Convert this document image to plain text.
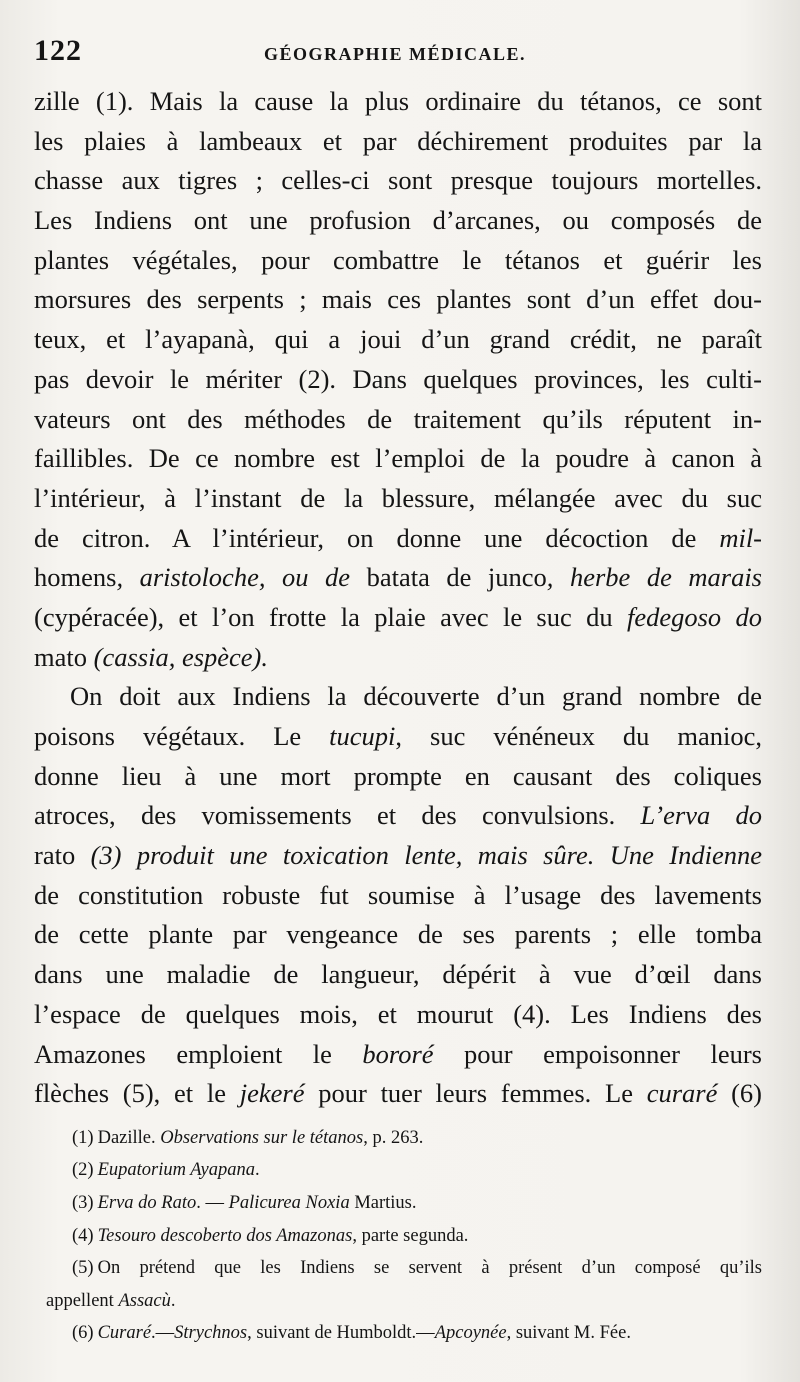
122	GÉOGRAPHIE MÉDICALE.
zille (1). Mais la cause la plus ordinaire du tétanos, ce sont
les plaies à lambeaux et par déchirement produites par la
chasse aux tigres ; celles-ci sont presque toujours mortelles.
Les Indiens ont une profusion d’arcanes, ou composés de
plantes végétales, pour combattre le tétanos et guérir les
morsures des serpents ; mais ces plantes sont d’un effet dou-
teux, et l’ayapanà, qui a joui d’un grand crédit, ne paraît
pas devoir le mériter (2). Dans quelques provinces, les culti-
vateurs ont des méthodes de traitement qu’ils réputent in-
faillibles. De ce nombre est l’emploi de la poudre à canon à
l’intérieur, à l’instant de la blessure, mélangée avec du suc
de citron. A l’intérieur, on donne une décoction de mil-
homens, aristoloche, ou de batata de junco, herbe de marais
(cypéracée), et l’on frotte la plaie avec le suc du fedegoso do
mato (cassia, espèce).
On doit aux Indiens la découverte d’un grand nombre de
poisons végétaux. Le tucupi, suc vénéneux du manioc,
donne lieu à une mort prompte en causant des coliques
atroces, des vomissements et des convulsions. L’erva do
rato (3) produit une toxication lente, mais sûre. Une Indienne
de constitution robuste fut soumise à l’usage des lavements
de cette plante par vengeance de ses parents ; elle tomba
dans une maladie de langueur, dépérit à vue d’œil dans
l’espace de quelques mois, et mourut (4). Les Indiens des
Amazones emploient le bororé pour empoisonner leurs
flèches (5), et le jekeré pour tuer leurs femmes. Le curaré (6)
(1) Dazille. Observations sur le tétanos, p. 263.
(2) Eupatorium Ayapana.
(3) Erva do Rato. — Palicurea Noxia Martius.
(4) Tesouro descoberto dos Amazonas, parte segunda.
(5) On prétend que les Indiens se servent à présent d’un composé qu’ils
appellent Assacù.
(6) Curaré.—Strychnos, suivant de Humboldt.—Apcoynée, suivant M. Fée.
